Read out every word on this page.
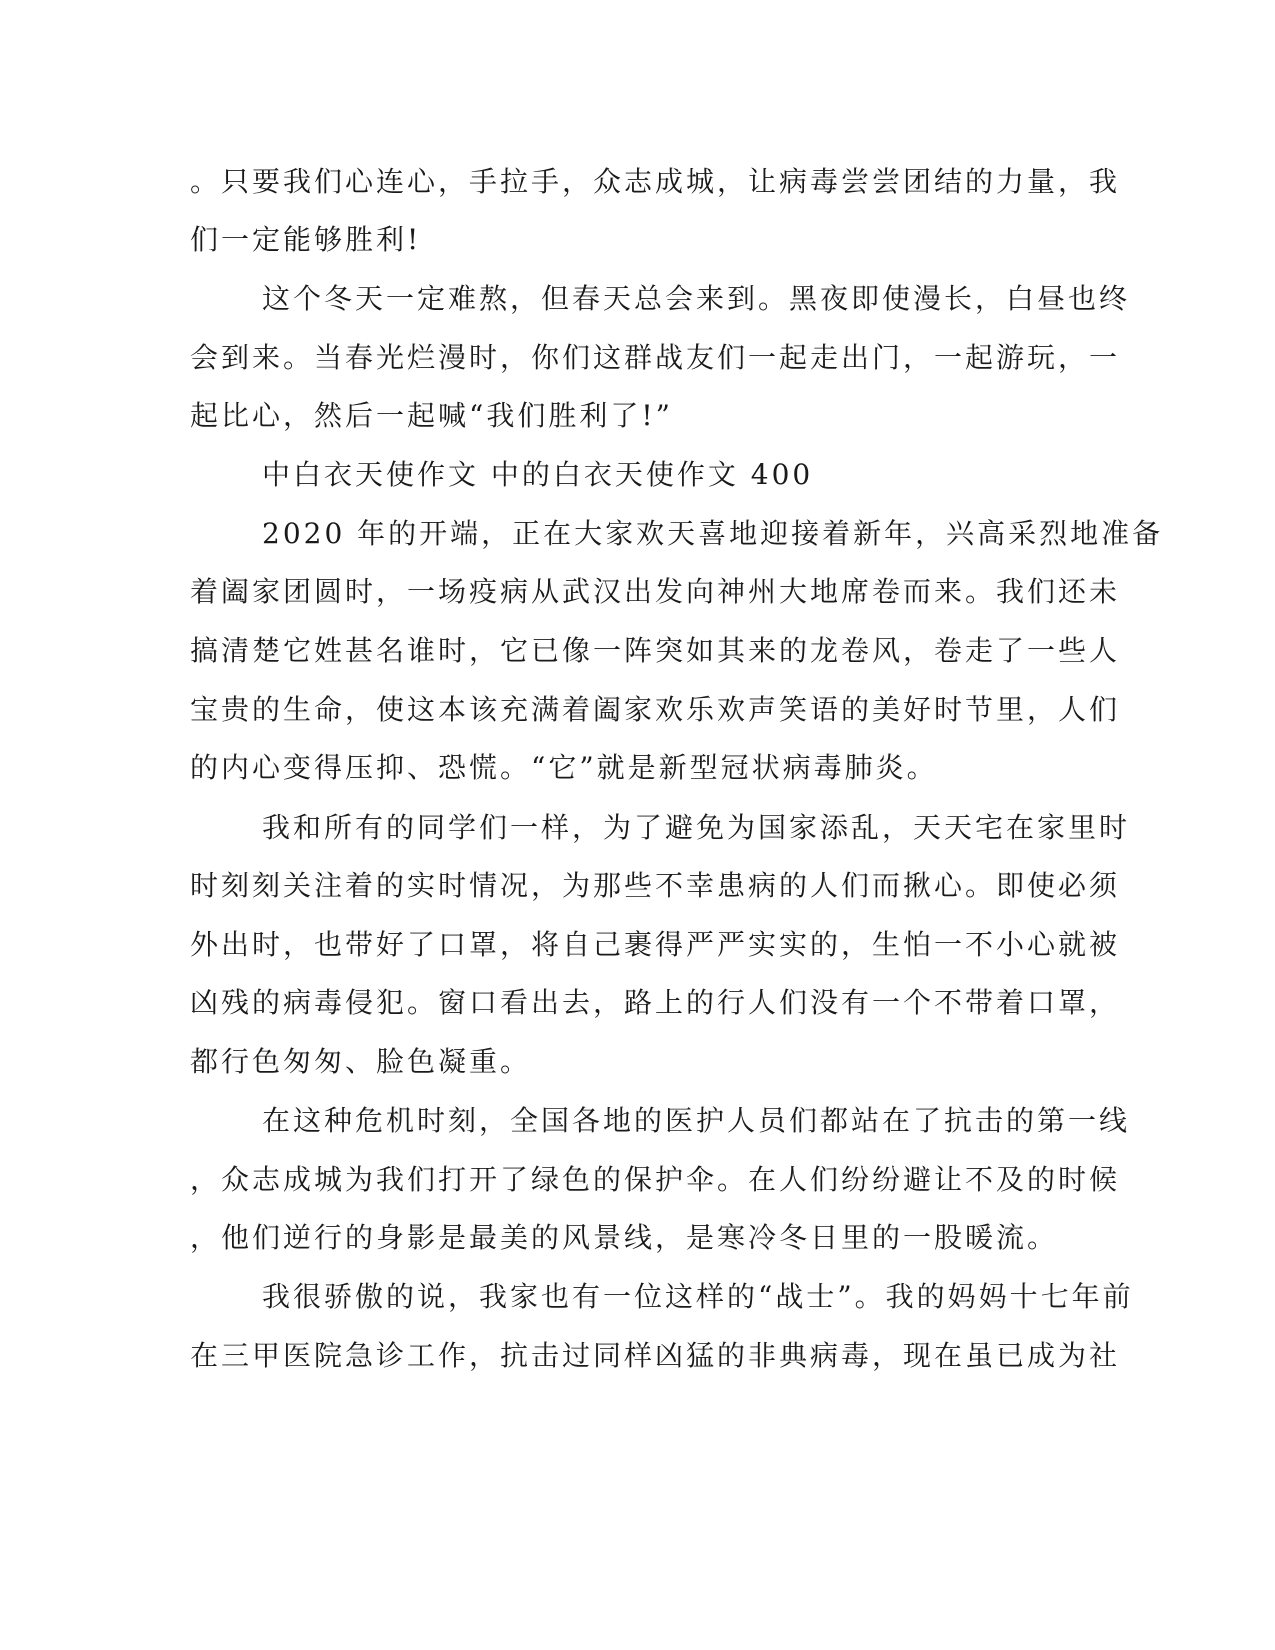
。只要我们心连心，手拉手，众志成城，让病毒尝尝团结的力量，我
们一定能够胜利!
这个冬天一定难熬，但春天总会来到。黑夜即使漫长，白昼也终
会到来。当春光烂漫时，你们这群战友们一起走出门，一起游玩，一
起比心，然后一起喊“我们胜利了!”
中白衣天使作文 中的白衣天使作文 400
2020 年的开端，正在大家欢天喜地迎接着新年，兴高采烈地准备
着阖家团圆时，一场疫病从武汉出发向神州大地席卷而来。我们还未
搞清楚它姓甚名谁时，它已像一阵突如其来的龙卷风，卷走了一些人
宝贵的生命，使这本该充满着阖家欢乐欢声笑语的美好时节里，人们
的内心变得压抑、恐慌。“它”就是新型冠状病毒肺炎。
我和所有的同学们一样，为了避免为国家添乱，天天宅在家里时
时刻刻关注着的实时情况，为那些不幸患病的人们而揪心。即使必须
外出时，也带好了口罩，将自己裹得严严实实的，生怕一不小心就被
凶残的病毒侵犯。窗口看出去，路上的行人们没有一个不带着口罩，
都行色匆匆、脸色凝重。
在这种危机时刻，全国各地的医护人员们都站在了抗击的第一线
，众志成城为我们打开了绿色的保护伞。在人们纷纷避让不及的时候
，他们逆行的身影是最美的风景线，是寒冷冬日里的一股暖流。
我很骄傲的说，我家也有一位这样的“战士”。我的妈妈十七年前
在三甲医院急诊工作，抗击过同样凶猛的非典病毒，现在虽已成为社
